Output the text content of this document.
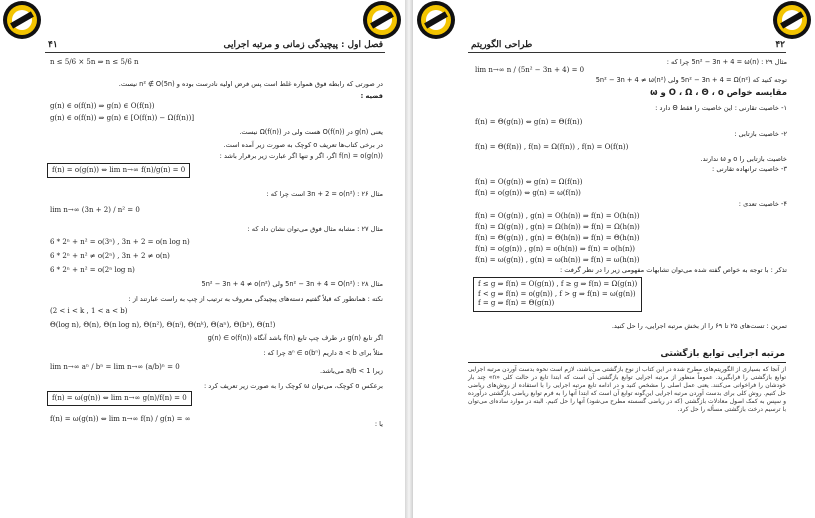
۴۱	فصل اول : پیچیدگی زمانی و مرتبه اجرایی
n ≤ 5/6 × 5n ⇒ n ≤ 5/6 n
در صورتی که رابطه فوق همواره غلط است پس فرض اولیه نادرست بوده و n² ∉ O(5n) نیست.
قضیه :
g(n) ∈ o(f(n)) ⇒ g(n) ∈ O(f(n))
g(n) ∈ o(f(n)) ⇒ g(n) ∈ [O(f(n)) − Ω(f(n))]
یعنی g(n) در O(f(n)) هست ولی در Ω(f(n)) نیست.
در برخی کتاب‌ها تعریف o کوچک به صورت زیر آمده است.
f(n) = o(g(n)) اگر، اگر و تنها اگر عبارت زیر برقرار باشد :
f(n) = o(g(n)) ⇔ lim n→∞ f(n)/g(n) = 0
مثال ۲۶ : 3n + 2 = o(n²) است چرا که :
lim n→∞ (3n + 2) / n² = 0
مثال ۲۷ : مشابه مثال فوق می‌توان نشان داد که :
6 * 2ⁿ + n² = o(3ⁿ) , 3n + 2 = o(n log n)
6 * 2ⁿ + n² ≠ o(2ⁿ) , 3n + 2 ≠ o(n)
6 * 2ⁿ + n² = o(2ⁿ log n)
مثال ۲۸ : 5n² − 3n + 4 = O(n²) ولی 5n² − 3n + 4 ≠ o(n²)
نکته : همانطور که قبلاً گفتیم دسته‌های پیچیدگی معروف به ترتیب از چپ به راست عبارتند از :
(2 < i < k , 1 < a < b)
Θ(log n), Θ(n), Θ(n log n), Θ(n²), Θ(nⁱ), Θ(nᵏ), Θ(aⁿ), Θ(bⁿ), Θ(n!)
اگر تابع g(n) در طرف چپ تابع f(n) باشد آنگاه g(n) ∈ o(f(n))
مثلاً برای a < b داریم aⁿ ∈ o(bⁿ) چرا که :
lim n→∞ aⁿ / bⁿ = lim n→∞ (a/b)ⁿ = 0	زیرا 1 > a/b می‌باشد.
برعکس o کوچک، می‌توان ω کوچک را به صورت زیر تعریف کرد :
f(n) = ω(g(n)) ⇔ lim n→∞ g(n)/f(n) = 0
f(n) = ω(g(n)) ⇔ lim n→∞ f(n) / g(n) = ∞
یا :
طراحی الگوریتم	۴۲
مثال ۲۹ : 5n² − 3n + 4 = ω(n) چرا که :
lim n→∞ n / (5n² − 3n + 4) = 0
توجه کنید که 5n² − 3n + 4 = Ω(n²) ولی 5n² − 3n + 4 ≠ ω(n²)
مقایسه خواص O ، Ω ، Θ ، o و ω
۱- خاصیت تقارنی : این خاصیت را فقط Θ دارد :
f(n) = Θ(g(n)) ⇔ g(n) = Θ(f(n))
۲- خاصیت بازتابی :
f(n) = Θ(f(n)) , f(n) = Ω(f(n)) , f(n) = O(f(n))
خاصیت بازتابی را o و ω ندارند.
۳- خاصیت ترانهاده تقارنی :
f(n) = O(g(n)) ⇔ g(n) = Ω(f(n))
f(n) = o(g(n)) ⇔ g(n) = ω(f(n))
۴- خاصیت تعدی :
f(n) = O(g(n)) , g(n) = O(h(n)) ⇒ f(n) = O(h(n))
f(n) = Ω(g(n)) , g(n) = Ω(h(n)) ⇒ f(n) = Ω(h(n))
f(n) = Θ(g(n)) , g(n) = Θ(h(n)) ⇒ f(n) = Θ(h(n))
f(n) = o(g(n)) , g(n) = o(h(n)) ⇒ f(n) = o(h(n))
f(n) = ω(g(n)) , g(n) = ω(h(n)) ⇒ f(n) = ω(h(n))
تذکر : با توجه به خواص گفته شده می‌توان تشابهات مفهومی زیر را در نظر گرفت :
f ≤ g ⇒ f(n) = O(g(n)) , f ≥ g ⇒ f(n) = Ω(g(n))
f < g ⇒ f(n) = o(g(n)) , f > g ⇒ f(n) = ω(g(n))
f = g ⇒ f(n) = Θ(g(n))
تمرین : تست‌های ۲۵ تا ۶۹ را از بخش مرتبه اجرایی، را حل کنید.
مرتبه اجرایی توابع بازگشتی
از آنجا که بسیاری از الگوریتم‌های مطرح شده در این کتاب از نوع بازگشتی می‌باشند، لازم است نحوه بدست آوردن مرتبه اجرایی توابع بازگشتی را فرابگیرید. عموماً منظور از مرتبه اجرایی توابع بازگشتی آن است که ابتدا تابع در حالت کلی «n» چند بار خودشان را فراخوانی می‌کنند. یعنی عمل اصلی را مشخص کنید و در ادامه تابع مرتبه اجرایی را با استفاده از روش‌های ریاضی حل کنیم. روش کلی برای بدست آوردن مرتبه اجرایی این‌گونه توابع آن است که ابتدا آنها را به فرم توابع ریاضی بازگشتی درآورده و سپس به کمک اصول معادلات بازگشتی (که در ریاضی گسسته مطرح می‌شود) آنها را حل کنیم. البته در موارد ساده‌ای می‌توان با ترسیم درخت بازگشتی مسأله را حل کرد.
